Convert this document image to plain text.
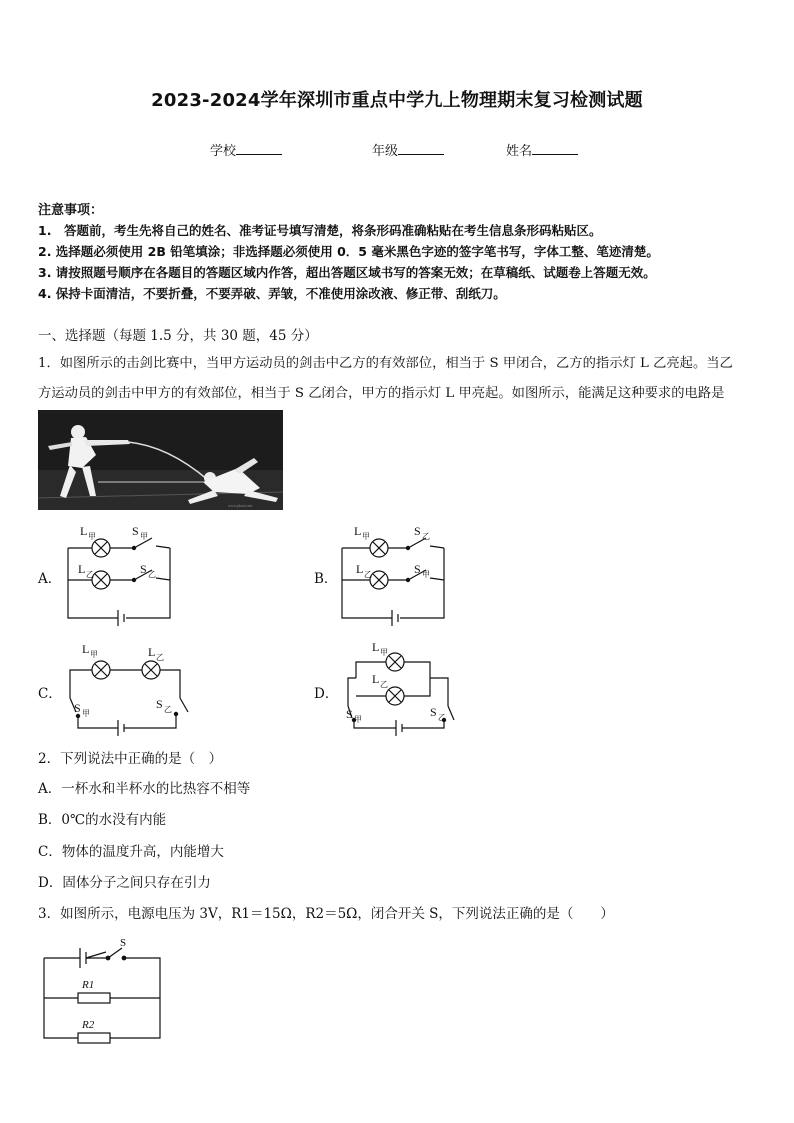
2023-2024学年深圳市重点中学九上物理期末复习检测试题
学校	年级	姓名
注意事项：
1.　答题前，考生先将自己的姓名、准考证号填写清楚，将条形码准确粘贴在考生信息条形码粘贴区。
2. 选择题必须使用 2B 铅笔填涂；非选择题必须使用 0．5 毫米黑色字迹的签字笔书写，字体工整、笔迹清楚。
3. 请按照题号顺序在各题目的答题区域内作答，超出答题区域书写的答案无效；在草稿纸、试题卷上答题无效。
4. 保持卡面清洁，不要折叠，不要弄破、弄皱，不准使用涂改液、修正带、刮纸刀。
一、选择题（每题 1.5 分，共 30 题，45 分）
1．如图所示的击剑比赛中，当甲方运动员的剑击中乙方的有效部位，相当于 S 甲闭合，乙方的指示灯 L 乙亮起。当乙
方运动员的剑击中甲方的有效部位，相当于 S 乙闭合，甲方的指示灯 L 甲亮起。如图所示，能满足这种要求的电路是
www.photo.net
A．	B．
C．	D．
L 甲	S 甲
L 乙	S 乙
L 甲	S 乙
L 乙	S 甲
L 甲	L 乙
S 甲
S 乙
L 甲
L 乙
S 甲
S 乙
2．下列说法中正确的是（　）
A．一杯水和半杯水的比热容不相等
B．0℃的水没有内能
C．物体的温度升高，内能增大
D．固体分子之间只存在引力
3．如图所示，电源电压为 3V，R1＝15Ω，R2＝5Ω，闭合开关 S，下列说法正确的是（　　）
S
R1
R2
